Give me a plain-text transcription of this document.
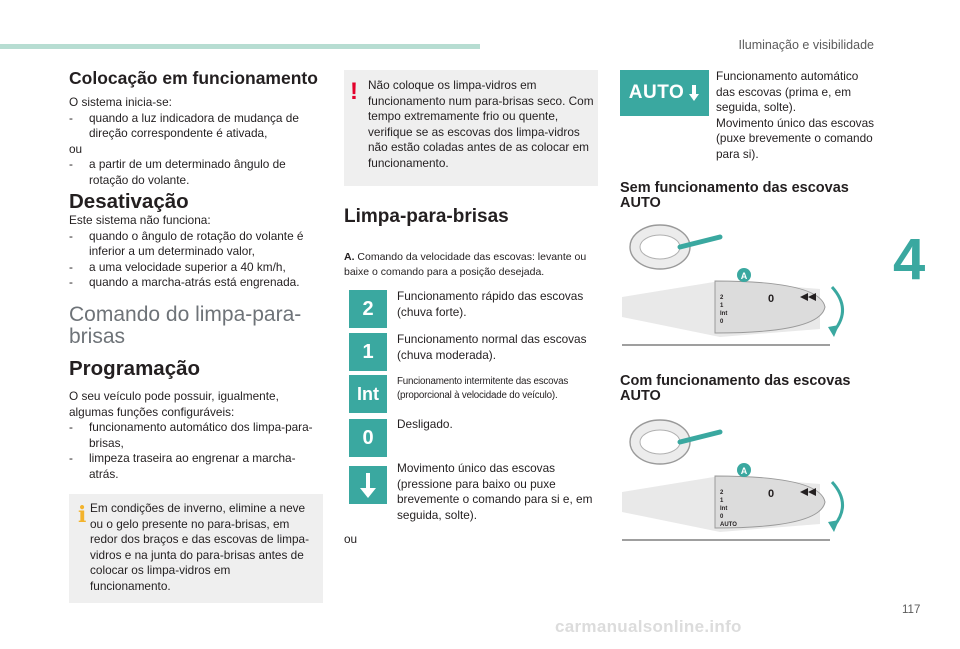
Iluminação e visibilidade
4
117
carmanualsonline.info
Colocação em funcionamento
O sistema inicia-se:
- quando a luz indicadora de mudança de direção correspondente é ativada,
ou
- a partir de um determinado ângulo de rotação do volante.
Desativação
Este sistema não funciona:
- quando o ângulo de rotação do volante é inferior a um determinado valor,
- a uma velocidade superior a 40 km/h,
- quando a marcha-atrás está engrenada.
Comando do limpa-para-brisas
Programação
O seu veículo pode possuir, igualmente, algumas funções configuráveis:
- funcionamento automático dos limpa-para-brisas,
- limpeza traseira ao engrenar a marcha-atrás.
i Em condições de inverno, elimine a neve ou o gelo presente no para-brisas, em redor dos braços e das escovas de limpa-vidros e na junta do para-brisas antes de colocar os limpa-vidros em funcionamento.
! Não coloque os limpa-vidros em funcionamento num para-brisas seco. Com tempo extremamente frio ou quente, verifique se as escovas dos limpa-vidros não estão coladas antes de as colocar em funcionamento.
Limpa-para-brisas
A. Comando da velocidade das escovas: levante ou baixe o comando para a posição desejada.
2
Funcionamento rápido das escovas (chuva forte).
1
Funcionamento normal das escovas (chuva moderada).
Int
Funcionamento intermitente das escovas (proporcional à velocidade do veículo).
0
Desligado.
Movimento único das escovas (pressione para baixo ou puxe brevemente o comando para si e, em seguida, solte).
ou
AUTO
Funcionamento automático das escovas (prima e, em seguida, solte).
Movimento único das escovas (puxe brevemente o comando para si).
Sem funcionamento das escovas AUTO
A
2
1
Int
0
0
Com funcionamento das escovas AUTO
A
2
1
Int
0
AUTO
0
